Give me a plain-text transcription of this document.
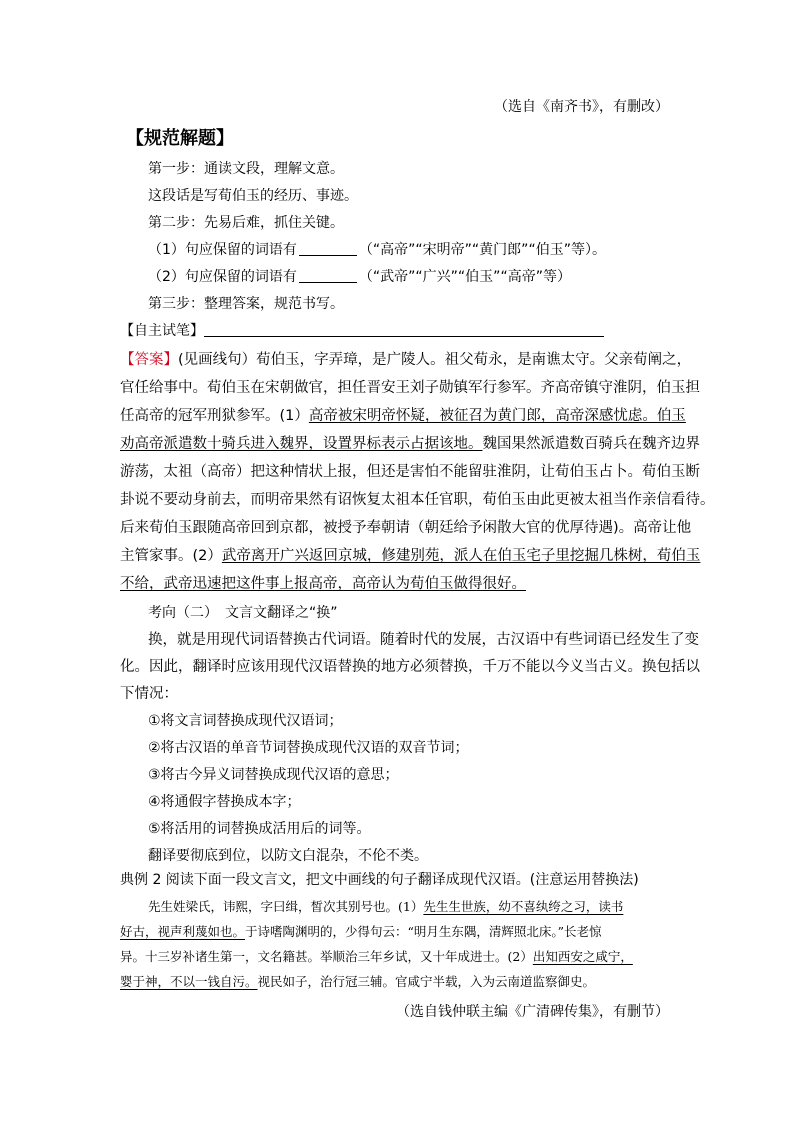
（选自《南齐书》，有删改）
【规范解题】
第一步：通读文段，理解文意。
这段话是写荀伯玉的经历、事迹。
第二步：先易后难，抓住关键。
（1）句应保留的词语有	（“高帝”“宋明帝”“黄门郎”“伯玉”等）。
（2）句应保留的词语有	（“武帝”“广兴”“伯玉”“高帝”等）
第三步：整理答案，规范书写。
【自主试笔】
【答案】(见画线句）荀伯玉，字弄璋，是广陵人。祖父荀永，是南谯太守。父亲荀阐之，
官任给事中。荀伯玉在宋朝做官，担任晋安王刘子勋镇军行参军。齐高帝镇守淮阴，伯玉担
任高帝的冠军刑狱参军。(1）高帝被宋明帝怀疑，被征召为黄门郎，高帝深感忧虑。伯玉
劝高帝派遣数十骑兵进入魏界，设置界标表示占据该地。魏国果然派遣数百骑兵在魏齐边界
游荡，太祖（高帝）把这种情状上报，但还是害怕不能留驻淮阴，让荀伯玉占卜。荀伯玉断
卦说不要动身前去，而明帝果然有诏恢复太祖本任官职，荀伯玉由此更被太祖当作亲信看待。
后来荀伯玉跟随高帝回到京都，被授予奉朝请（朝廷给予闲散大官的优厚待遇)。高帝让他
主管家事。(2）武帝离开广兴返回京城，修建别苑，派人在伯玉宅子里挖掘几株树，荀伯玉
不给，武帝迅速把这件事上报高帝，高帝认为荀伯玉做得很好。
考向（二）　文言文翻译之“换”
换，就是用现代词语替换古代词语。随着时代的发展，古汉语中有些词语已经发生了变
化。因此，翻译时应该用现代汉语替换的地方必须替换，千万不能以今义当古义。换包括以
下情况：
①将文言词替换成现代汉语词；
②将古汉语的单音节词替换成现代汉语的双音节词；
③将古今异义词替换成现代汉语的意思；
④将通假字替换成本字；
⑤将活用的词替换成活用后的词等。
翻译要彻底到位，以防文白混杂，不伦不类。
典例 2 阅读下面一段文言文，把文中画线的句子翻译成现代汉语。(注意运用替换法)
先生姓梁氏，讳熙，字曰缉，皙次其别号也。(1）先生生世族，幼不喜纨绔之习，读书
好古，视声利蔑如也。于诗嗜陶渊明的，少得句云：“明月生东隅，清辉照北床。”长老惊
异。十三岁补诸生第一，文名籍甚。举顺治三年乡试，又十年成进士。(2）出知西安之咸宁，
婴于神，不以一钱自污。视民如子，治行冠三辅。官咸宁半载，入为云南道监察御史。
（选自钱仲联主编《广清碑传集》，有删节）
